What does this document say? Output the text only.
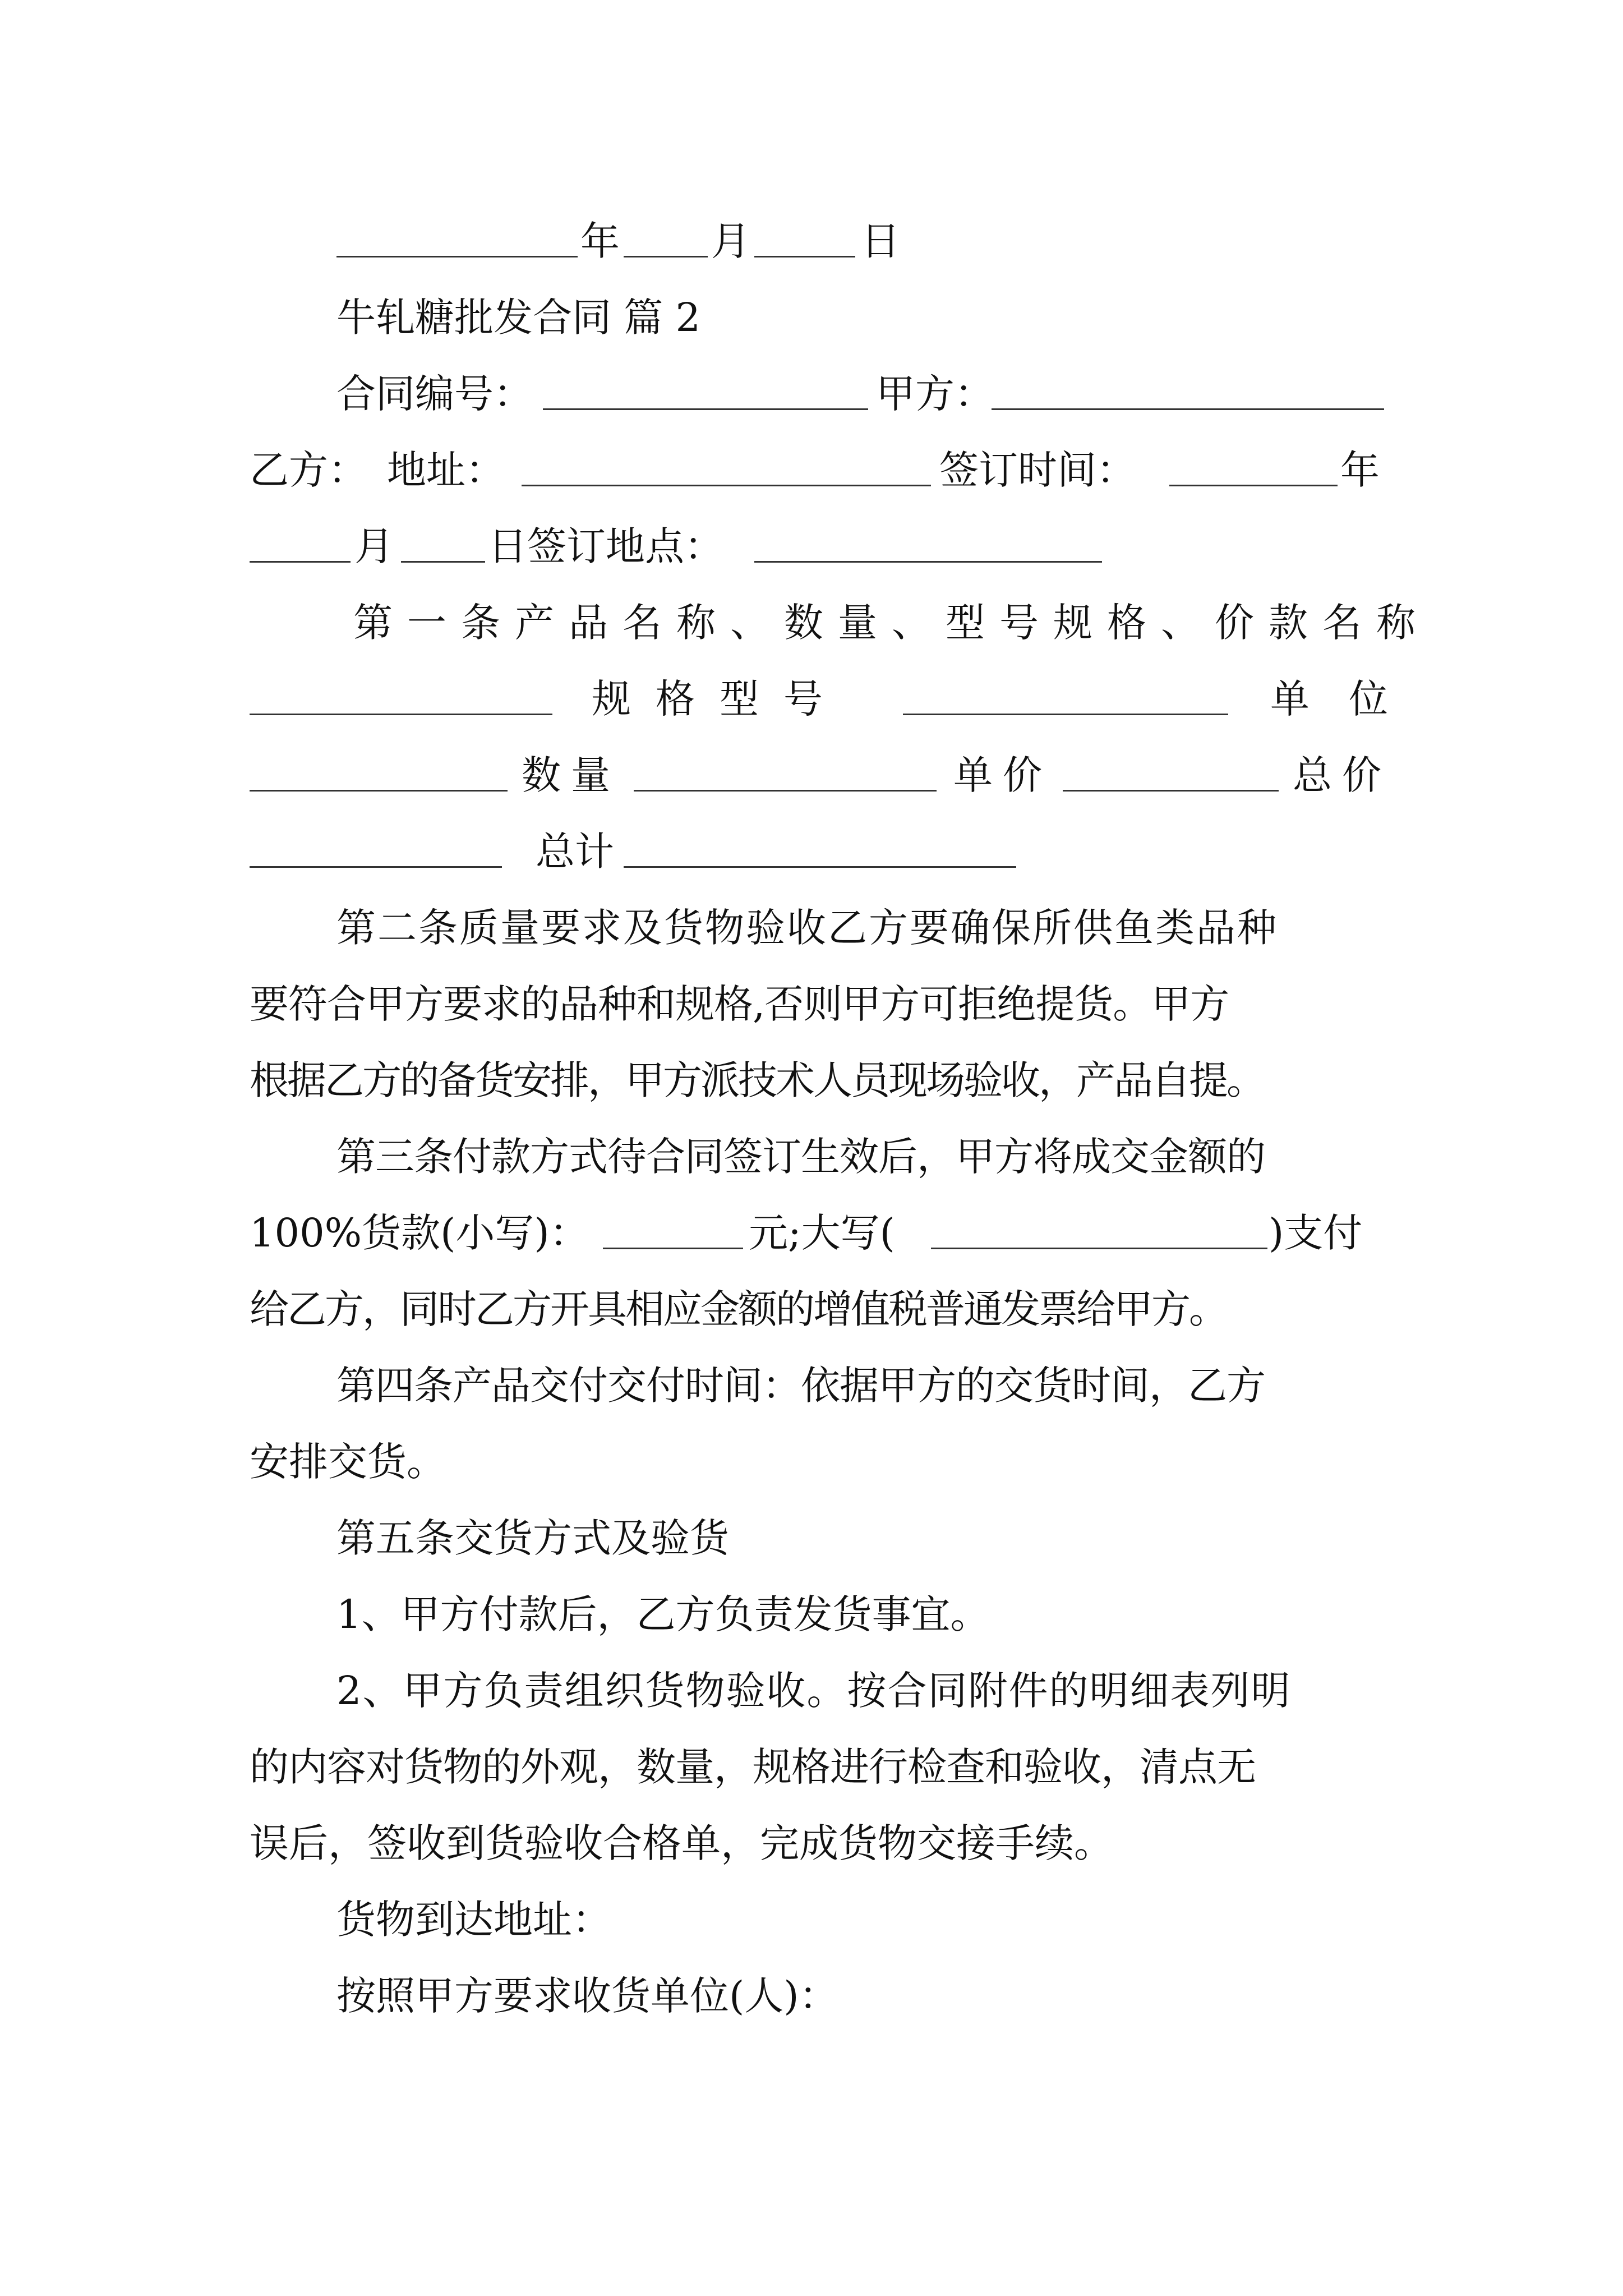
年 月	日
牛轧糖批发合同 篇 2
合同编号：	甲方：
乙方： 地址：	签订时间：	年
月 日签订地点：
第一条产品名称、数量、型号规格、价款名称
规格型号	单位
数量	单价	总价
总计
第二条质量要求及货物验收乙方要确保所供鱼类品种
要符合甲方要求的品种和规格,否则甲方可拒绝提货。甲方
根据乙方的备货安排，甲方派技术人员现场验收，产品自提。
第三条付款方式待合同签订生效后，甲方将成交金额的
100%货款(小写)：	元;大写(	)支付
给乙方，同时乙方开具相应金额的增值税普通发票给甲方。
第四条产品交付交付时间：依据甲方的交货时间，乙方
安排交货。
第五条交货方式及验货
1、甲方付款后，乙方负责发货事宜。
2、甲方负责组织货物验收。按合同附件的明细表列明
的内容对货物的外观，数量，规格进行检查和验收，清点无
误后，签收到货验收合格单，完成货物交接手续。
货物到达地址：
按照甲方要求收货单位(人)：
